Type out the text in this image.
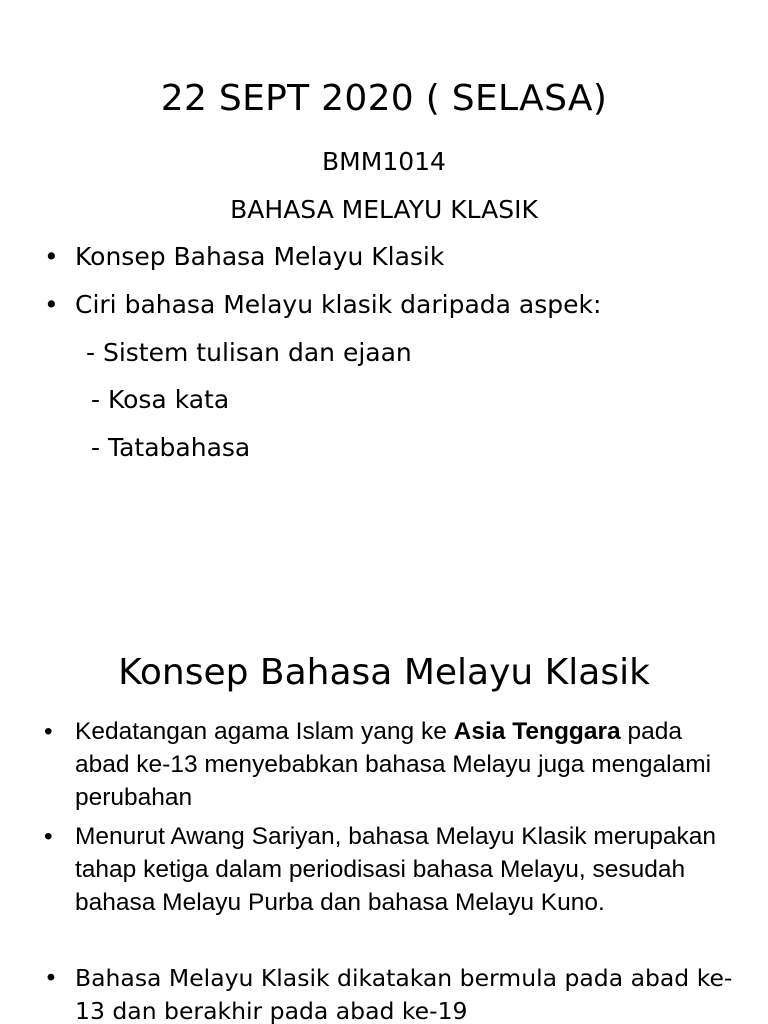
22 SEPT 2020 ( SELASA)
BMM1014
BAHASA MELAYU KLASIK
• Konsep Bahasa Melayu Klasik
• Ciri bahasa Melayu klasik daripada aspek:
- Sistem tulisan dan ejaan
- Kosa kata
- Tatabahasa
Konsep Bahasa Melayu Klasik
• Kedatangan agama Islam yang ke Asia Tenggara pada abad ke-13 menyebabkan bahasa Melayu juga mengalami perubahan
• Menurut Awang Sariyan, bahasa Melayu Klasik merupakan tahap ketiga dalam periodisasi bahasa Melayu, sesudah bahasa Melayu Purba dan bahasa Melayu Kuno.
• Bahasa Melayu Klasik dikatakan bermula pada abad ke-13 dan berakhir pada abad ke-19
